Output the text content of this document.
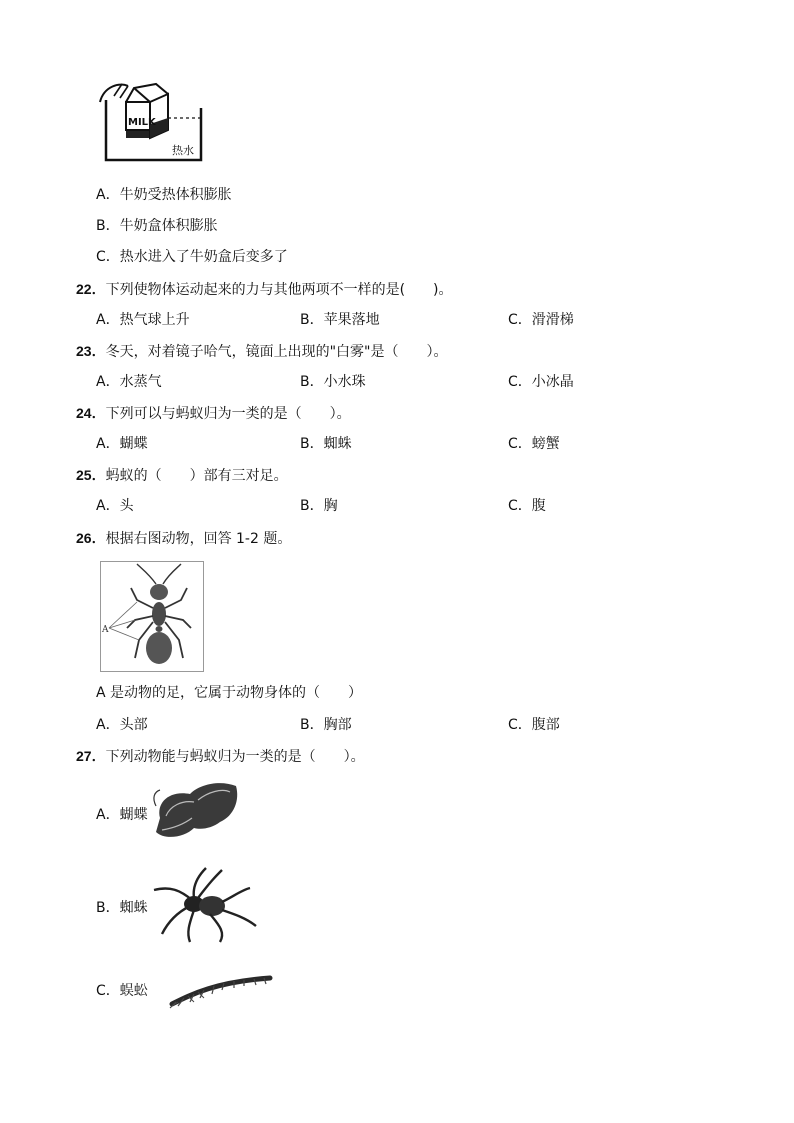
MILK
热水
A．牛奶受热体积膨胀
B．牛奶盒体积膨胀
C．热水进入了牛奶盒后变多了
22．下列使物体运动起来的力与其他两项不一样的是(　　)。
A．热气球上升	B．苹果落地	C．滑滑梯
23．冬天，对着镜子哈气，镜面上出现的"白雾"是（　　）。
A．水蒸气	B．小水珠	C．小冰晶
24．下列可以与蚂蚁归为一类的是（　　）。
A．蝴蝶	B．蜘蛛	C．螃蟹
25．蚂蚁的（　　）部有三对足。
A．头	B．胸	C．腹
26．根据右图动物，回答 1-2 题。
A
A 是动物的足，它属于动物身体的（　　）
A．头部	B．胸部	C．腹部
27．下列动物能与蚂蚁归为一类的是（　　）。
A．蝴蝶
B．蜘蛛
C．蜈蚣
